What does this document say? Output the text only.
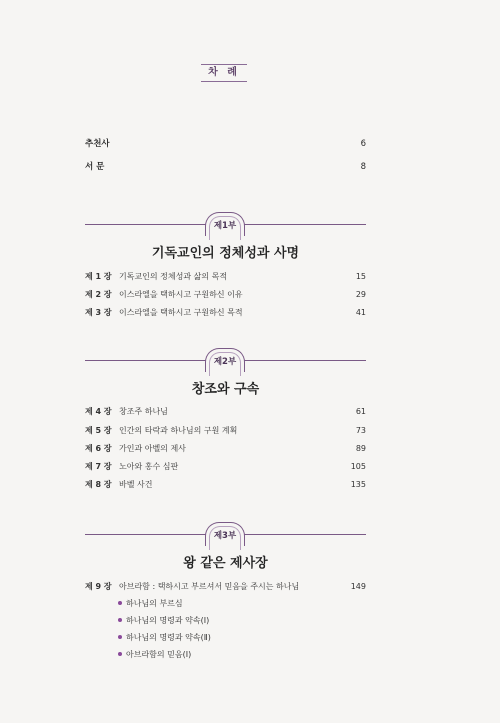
차 례
추천사	6
서 문	8
제1부
기독교인의 정체성과 사명
제 1 장 기독교인의 정체성과 삶의 목적	15
제 2 장 이스라엘을 택하시고 구원하신 이유	29
제 3 장 이스라엘을 택하시고 구원하신 목적	41
제2부
창조와 구속
제 4 장 창조주 하나님	61
제 5 장 인간의 타락과 하나님의 구원 계획	73
제 6 장 가인과 아벨의 제사	89
제 7 장 노아와 홍수 심판	105
제 8 장 바벨 사건	135
제3부
왕 같은 제사장
제 9 장 아브라함 : 택하시고 부르셔서 믿음을 주시는 하나님	149
하나님의 부르심
하나님의 명령과 약속(Ⅰ)
하나님의 명령과 약속(Ⅱ)
아브라함의 믿음(Ⅰ)
